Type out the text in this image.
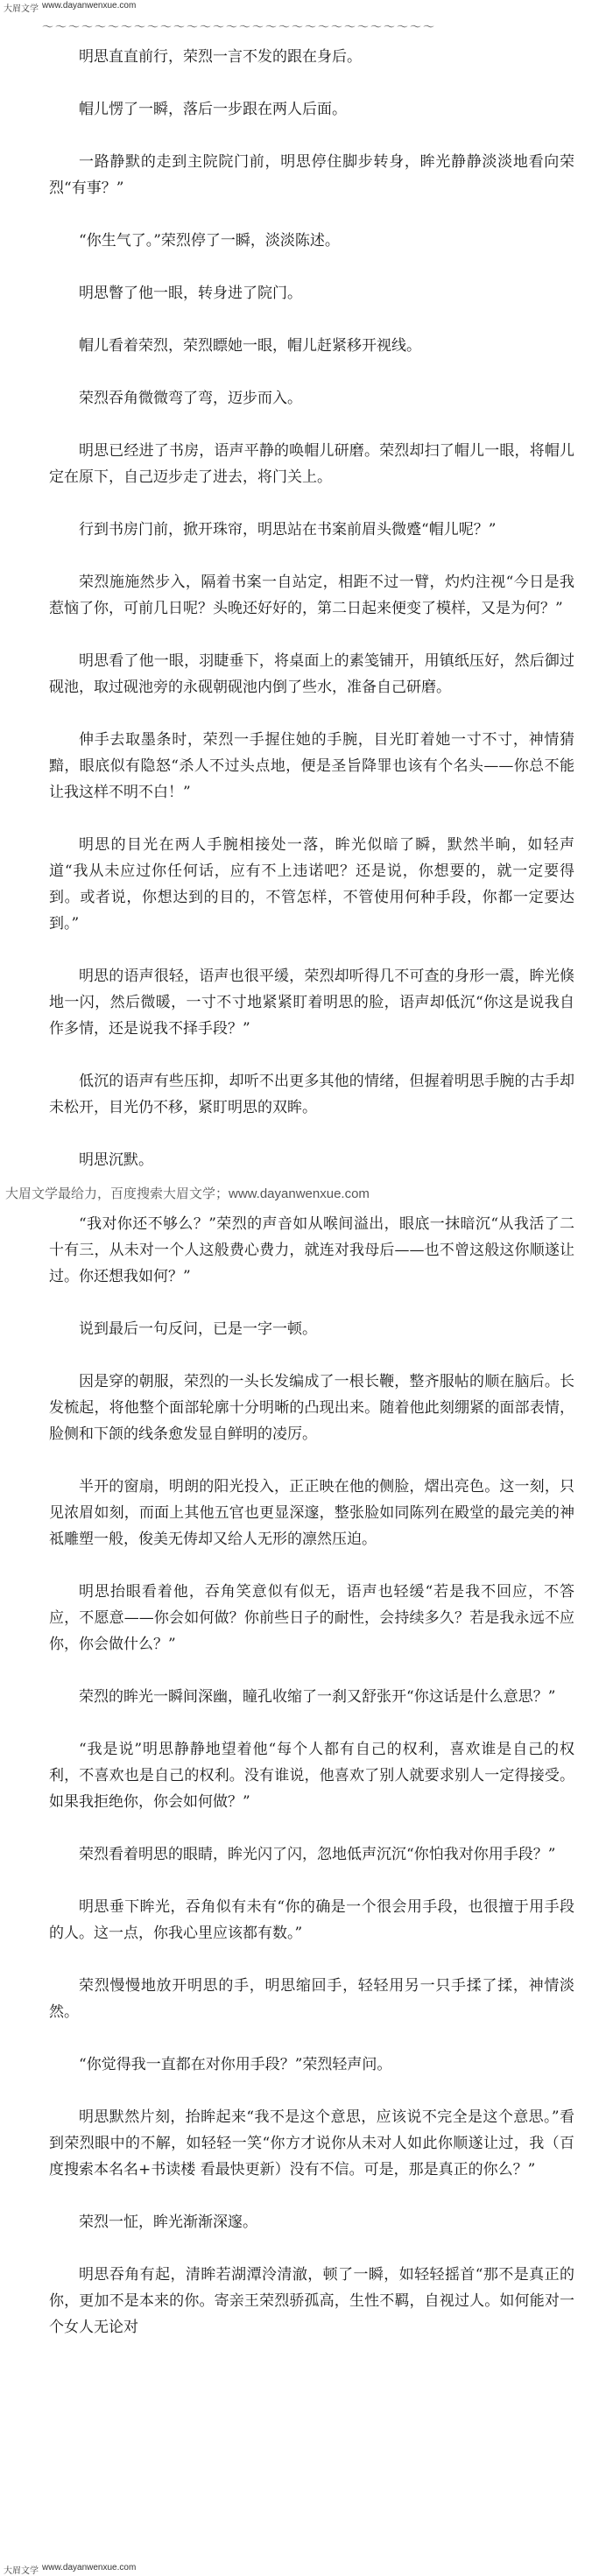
大眉文学 www.dayanwenxue.com
～～～～～～～～～～～～～～～～～～～～～～～～～～～～～～

明思直直前行，荣烈一言不发的跟在身后。

帽儿愣了一瞬，落后一步跟在两人后面。

一路静默的走到主院院门前，明思停住脚步转身，眸光静静淡淡地看向荣烈“有事？”

“你生气了。”荣烈停了一瞬，淡淡陈述。

明思瞥了他一眼，转身进了院门。

帽儿看着荣烈，荣烈瞟她一眼，帽儿赶紧移开视线。

荣烈吞角微微弯了弯，迈步而入。

明思已经进了书房，语声平静的唤帽儿研磨。荣烈却扫了帽儿一眼，将帽儿定在原下，自己迈步走了进去，将门关上。

行到书房门前，掀开珠帘，明思站在书案前眉头微蹙“帽儿呢？”

荣烈施施然步入，隔着书案一自站定，相距不过一臂，灼灼注视“今日是我惹恼了你，可前几日呢？头晚还好好的，第二日起来便变了模样，又是为何？”

明思看了他一眼，羽睫垂下，将桌面上的素笺铺开，用镇纸压好，然后御过砚池，取过砚池旁的永砚朝砚池内倒了些水，准备自己研磨。

伸手去取墨条时，荣烈一手握住她的手腕，目光盯着她一寸不寸，神情猜黯，眼底似有隐怒“杀人不过头点地，便是圣旨降罪也该有个名头——你总不能让我这样不明不白！”

明思的目光在两人手腕相接处一落，眸光似暗了瞬，默然半晌，如轻声道“我从未应过你任何话，应有不上违诺吧？还是说，你想要的，就一定要得到。或者说，你想达到的目的，不管怎样，不管使用何种手段，你都一定要达到。”

明思的语声很轻，语声也很平缓，荣烈却听得几不可查的身形一震，眸光倏地一闪，然后微暖，一寸不寸地紧紧盯着明思的脸，语声却低沉“你这是说我自作多情，还是说我不择手段？”

低沉的语声有些压抑，却听不出更多其他的情绪，但握着明思手腕的古手却未松开，目光仍不移，紧盯明思的双眸。

明思沉默。

大眉文学最给力，百度搜索大眉文学；www.dayanwenxue.com

“我对你还不够么？”荣烈的声音如从喉间溢出，眼底一抹暗沉“从我活了二十有三，从未对一个人这般费心费力，就连对我母后——也不曾这般这你顺遂让过。你还想我如何？”

说到最后一句反问，已是一字一顿。

因是穿的朝服，荣烈的一头长发编成了一根长鞭，整齐服帖的顺在脑后。长发梳起，将他整个面部轮廓十分明晰的凸现出来。随着他此刻绷紧的面部表情，脸侧和下颌的线条愈发显自鲜明的凌厉。

半开的窗扇，明朗的阳光投入，正正映在他的侧脸，熠出亮色。这一刻，只见浓眉如刻，而面上其他五官也更显深邃，整张脸如同陈列在殿堂的最完美的神祗雕塑一般，俊美无俦却又给人无形的凛然压迫。

明思抬眼看着他，吞角笑意似有似无，语声也轻缓“若是我不回应，不答应，不愿意——你会如何做？你前些日子的耐性，会持续多久？若是我永远不应你，你会做什么？”

荣烈的眸光一瞬间深幽，瞳孔收缩了一刹又舒张开“你这话是什么意思？”

“我是说”明思静静地望着他“每个人都有自己的权利，喜欢谁是自己的权利，不喜欢也是自己的权利。没有谁说，他喜欢了别人就要求别人一定得接受。如果我拒绝你，你会如何做？”

荣烈看着明思的眼睛，眸光闪了闪，忽地低声沉沉“你怕我对你用手段？”

明思垂下眸光，吞角似有未有“你的确是一个很会用手段，也很擅于用手段的人。这一点，你我心里应该都有数。”

荣烈慢慢地放开明思的手，明思缩回手，轻轻用另一只手揉了揉，神情淡然。

“你觉得我一直都在对你用手段？”荣烈轻声问。

明思默然片刻，抬眸起来“我不是这个意思，应该说不完全是这个意思。”看到荣烈眼中的不解，如轻轻一笑“你方才说你从未对人如此你顺遂让过，我（百度搜索本名名+书读楼 看最快更新）没有不信。可是，那是真正的你么？”

荣烈一怔，眸光渐渐深邃。

明思吞角有起，清眸若湖潭泠清澈，顿了一瞬，如轻轻摇首“那不是真正的你，更加不是本来的你。寄亲王荣烈骄孤高，生性不羁，自视过人。如何能对一个女人无论对

大眉文学 www.dayanwenxue.com
